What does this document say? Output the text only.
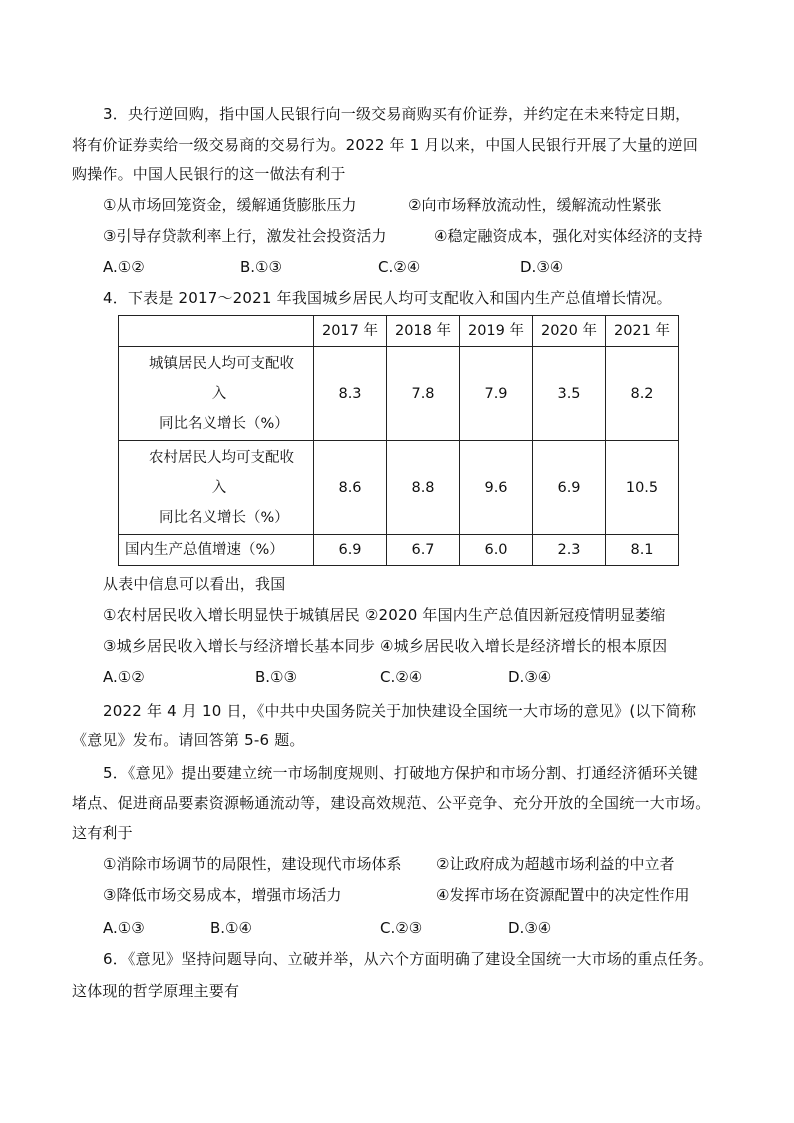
3．央行逆回购，指中国人民银行向一级交易商购买有价证券，并约定在未来特定日期，
将有价证券卖给一级交易商的交易行为。2022 年 1 月以来，中国人民银行开展了大量的逆回
购操作。中国人民银行的这一做法有利于
①从市场回笼资金，缓解通货膨胀压力	②向市场释放流动性，缓解流动性紧张
③引导存贷款利率上行，激发社会投资活力	④稳定融资成本，强化对实体经济的支持
A.①②	B.①③	C.②④	D.③④
4．下表是 2017～2021 年我国城乡居民人均可支配收入和国内生产总值增长情况。
	2017 年	2018 年	2019 年	2020 年	2021 年

城镇居民人均可支配收
入
同比名义增长（%）	8.3	7.8	7.9	3.5	8.2

农村居民人均可支配收
入
同比名义增长（%）	8.6	8.8	9.6	6.9	10.5
国内生产总值增速（%）	6.9	6.7	6.0	2.3	8.1
从表中信息可以看出，我国
①农村居民收入增长明显快于城镇居民 ②2020 年国内生产总值因新冠疫情明显萎缩
③城乡居民收入增长与经济增长基本同步 ④城乡居民收入增长是经济增长的根本原因
A.①②	B.①③	C.②④	D.③④
2022 年 4 月 10 日，《中共中央国务院关于加快建设全国统一大市场的意见》(以下简称
《意见》发布。请回答第 5-6 题。
5．《意见》提出要建立统一市场制度规则、打破地方保护和市场分割、打通经济循环关键
堵点、促进商品要素资源畅通流动等，建设高效规范、公平竞争、充分开放的全国统一大市场。
这有利于
①消除市场调节的局限性，建设现代市场体系 ②让政府成为超越市场利益的中立者
③降低市场交易成本，增强市场活力	④发挥市场在资源配置中的决定性作用
A.①③	B.①④	C.②③	D.③④
6．《意见》坚持问题导向、立破并举，从六个方面明确了建设全国统一大市场的重点任务。
这体现的哲学原理主要有
